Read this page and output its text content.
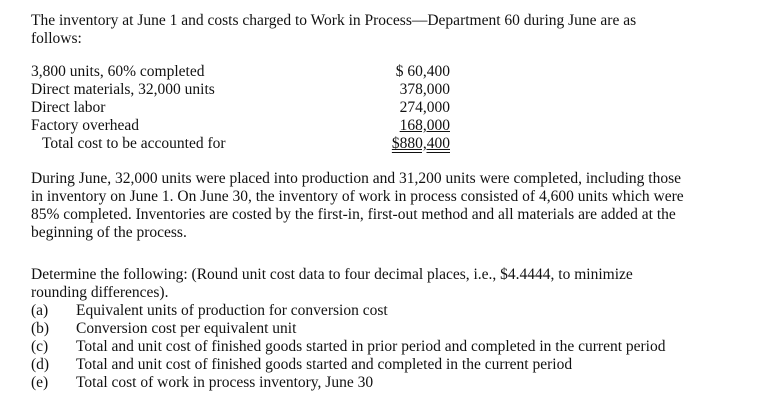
The inventory at June 1 and costs charged to Work in Process—Department 60 during June are as

follows:

3,800 units, 60% completed	$ 60,400
Direct materials, 32,000 units	378,000
Direct labor	274,000
Factory overhead	168,000
Total cost to be accounted for	$880,400

During June, 32,000 units were placed into production and 31,200 units were completed, including those

in inventory on June 1. On June 30, the inventory of work in process consisted of 4,600 units which were

85% completed. Inventories are costed by the first-in, first-out method and all materials are added at the

beginning of the process.

Determine the following: (Round unit cost data to four decimal places, i.e., $4.4444, to minimize

rounding differences).

(a) Equivalent units of production for conversion cost
(b) Conversion cost per equivalent unit
(c) Total and unit cost of finished goods started in prior period and completed in the current period
(d) Total and unit cost of finished goods started and completed in the current period
(e) Total cost of work in process inventory, June 30
